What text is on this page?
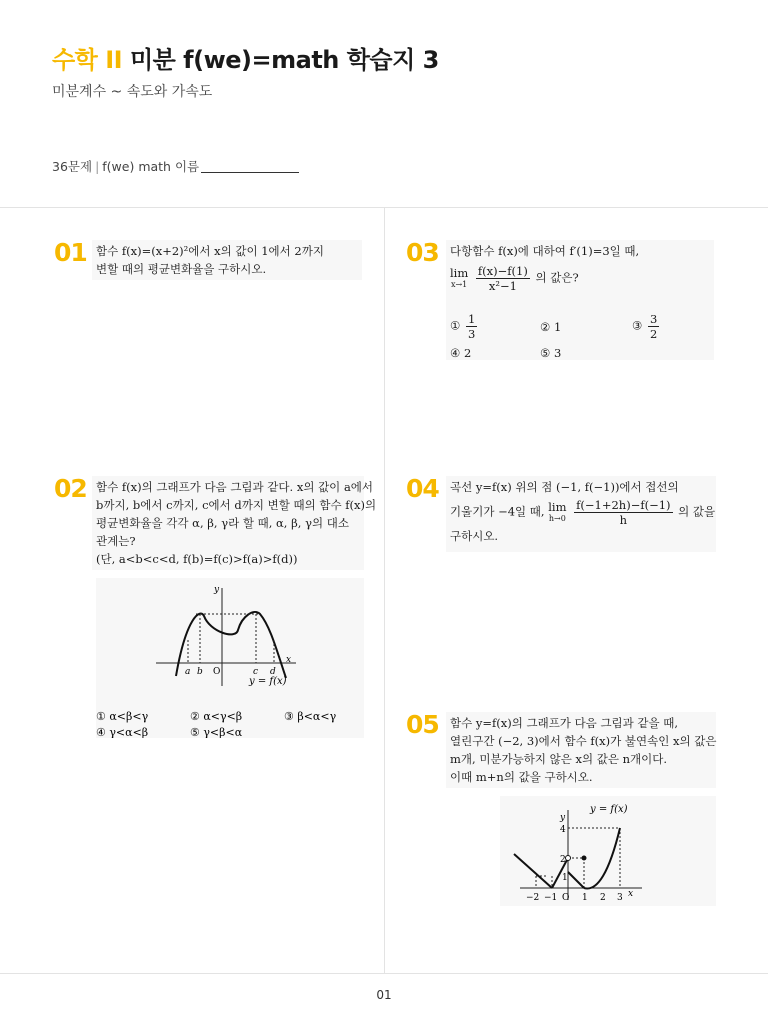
수학 II 미분 f(we)=math 학습지 3
미분계수 ~ 속도와 가속도
36문제 | f(we) math 이름
01 함수 f(x)=(x+2)²에서 x의 값이 1에서 2까지
변할 때의 평균변화율을 구하시오.
02 함수 f(x)의 그래프가 다음 그림과 같다. x의 값이 a에서
b까지, b에서 c까지, c에서 d까지 변할 때의 함수 f(x)의
평균변화율을 각각 α, β, γ라 할 때, α, β, γ의 대소
관계는?
(단, a<b<c<d, f(b)=f(c)>f(a)>f(d))
y
x
a b O	c d
y = f(x)
① α<β<γ	② α<γ<β	③ β<α<γ
④ γ<α<β	⑤ γ<β<α
03 다항함수 f(x)에 대하여 f′(1)=3일 때,
lim
x→1
$\frac{f(x)-f(1)}{\text{x²−1}}$ 의 값은?
① $\frac{1}{3}$	② 1	③ $\frac{3}{2}$
④ 2	⑤ 3
04 곡선 y=f(x) 위의 점 (−1, f(−1))에서 접선의
기울기가 −4일 때, lim
h→0
$\frac{f(-1+2h)-f(-1)}{h}$ 의 값을
구하시오.
05 함수 y=f(x)의 그래프가 다음 그림과 같을 때,
열린구간 (−2, 3)에서 함수 f(x)가 불연속인 x의 값은
m개, 미분가능하지 않은 x의 값은 n개이다.
이때 m+n의 값을 구하시오.
y = f(x)
y
x
4
2
1
−2 −1 O 1 2 3
01
